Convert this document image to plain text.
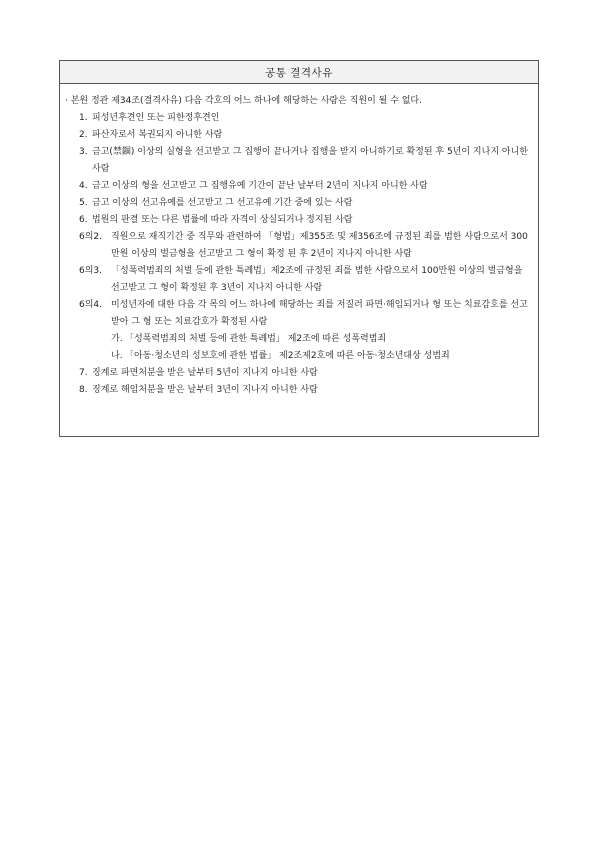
공통 결격사유
· 본원 정관 제34조(결격사유) 다음 각호의 어느 하나에 해당하는 사람은 직원이 될 수 없다.
1. 피성년후견인 또는 피한정후견인
2. 파산자로서 복권되지 아니한 사람
3. 금고(禁錮) 이상의 실형을 선고받고 그 집행이 끝나거나 집행을 받지 아니하기로 확정된 후 5년이 지나지 아니한 사람
4. 금고 이상의 형을 선고받고 그 집행유예 기간이 끝난 날부터 2년이 지나지 아니한 사람
5. 금고 이상의 선고유예를 선고받고 그 선고유예 기간 중에 있는 사람
6. 법원의 판결 또는 다른 법률에 따라 자격이 상실되거나 정지된 사람
6의2. 직원으로 재직기간 중 직무와 관련하여 「형법」제355조 및 제356조에 규정된 죄를 범한 사람으로서 300만원 이상의 벌금형을 선고받고 그 형이 확정 된 후 2년이 지나지 아니한 사람
6의3. 「성폭력범죄의 처벌 등에 관한 특례법」제2조에 규정된 죄를 범한 사람으로서 100만원 이상의 벌금형을 선고받고 그 형이 확정된 후 3년이 지나지 아니한 사람
6의4. 미성년자에 대한 다음 각 목의 어느 하나에 해당하는 죄를 저질러 파면·해임되거나 형 또는 치료감호를 선고받아 그 형 또는 치료감호가 확정된 사람
가. 「성폭력범죄의 처벌 등에 관한 특례법」 제2조에 따른 성폭력범죄
나. 「아동·청소년의 성보호에 관한 법률」 제2조제2호에 따른 아동·청소년대상 성범죄
7. 징계로 파면처분을 받은 날부터 5년이 지나지 아니한 사람
8. 징계로 해임처분을 받은 날부터 3년이 지나지 아니한 사람
